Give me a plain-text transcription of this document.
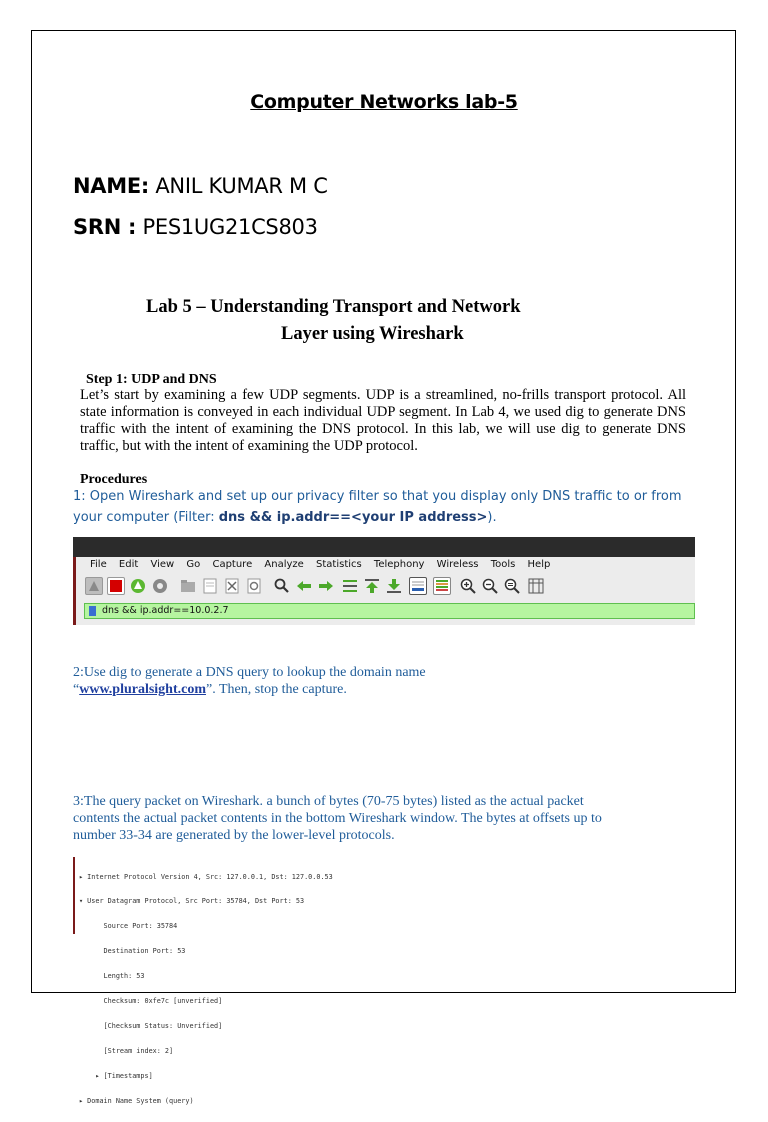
Computer Networks lab-5
NAME: ANIL KUMAR M C
SRN : PES1UG21CS803
Lab 5 – Understanding Transport and Network
Layer using Wireshark
Step 1: UDP and DNS
Let’s start by examining a few UDP segments. UDP is a streamlined, no-frills transport protocol. All state information is conveyed in each individual UDP segment. In Lab 4, we used dig to generate DNS traffic with the intent of examining the DNS protocol. In this lab, we will use dig to generate DNS traffic, but with the intent of examining the UDP protocol.
Procedures
1: Open Wireshark and set up our privacy filter so that you display only DNS traffic to or from
your computer (Filter: dns && ip.addr==<your IP address>).
File Edit View Go Capture Analyze Statistics Telephony Wireless Tools Help
dns && ip.addr==10.0.2.7
2:Use dig to generate a DNS query to lookup the domain name
“www.pluralsight.com”. Then, stop the capture.
3:The query packet on Wireshark. a bunch of bytes (70-75 bytes) listed as the actual packet
contents the actual packet contents in the bottom Wireshark window. The bytes at offsets up to
number 33-34 are generated by the lower-level protocols.

▸ Internet Protocol Version 4, Src: 127.0.0.1, Dst: 127.0.0.53

▾ User Datagram Protocol, Src Port: 35784, Dst Port: 53

Source Port: 35784

Destination Port: 53

Length: 53

Checksum: 0xfe7c [unverified]

[Checksum Status: Unverified]

[Stream index: 2]

▸ [Timestamps]

▸ Domain Name System (query)
